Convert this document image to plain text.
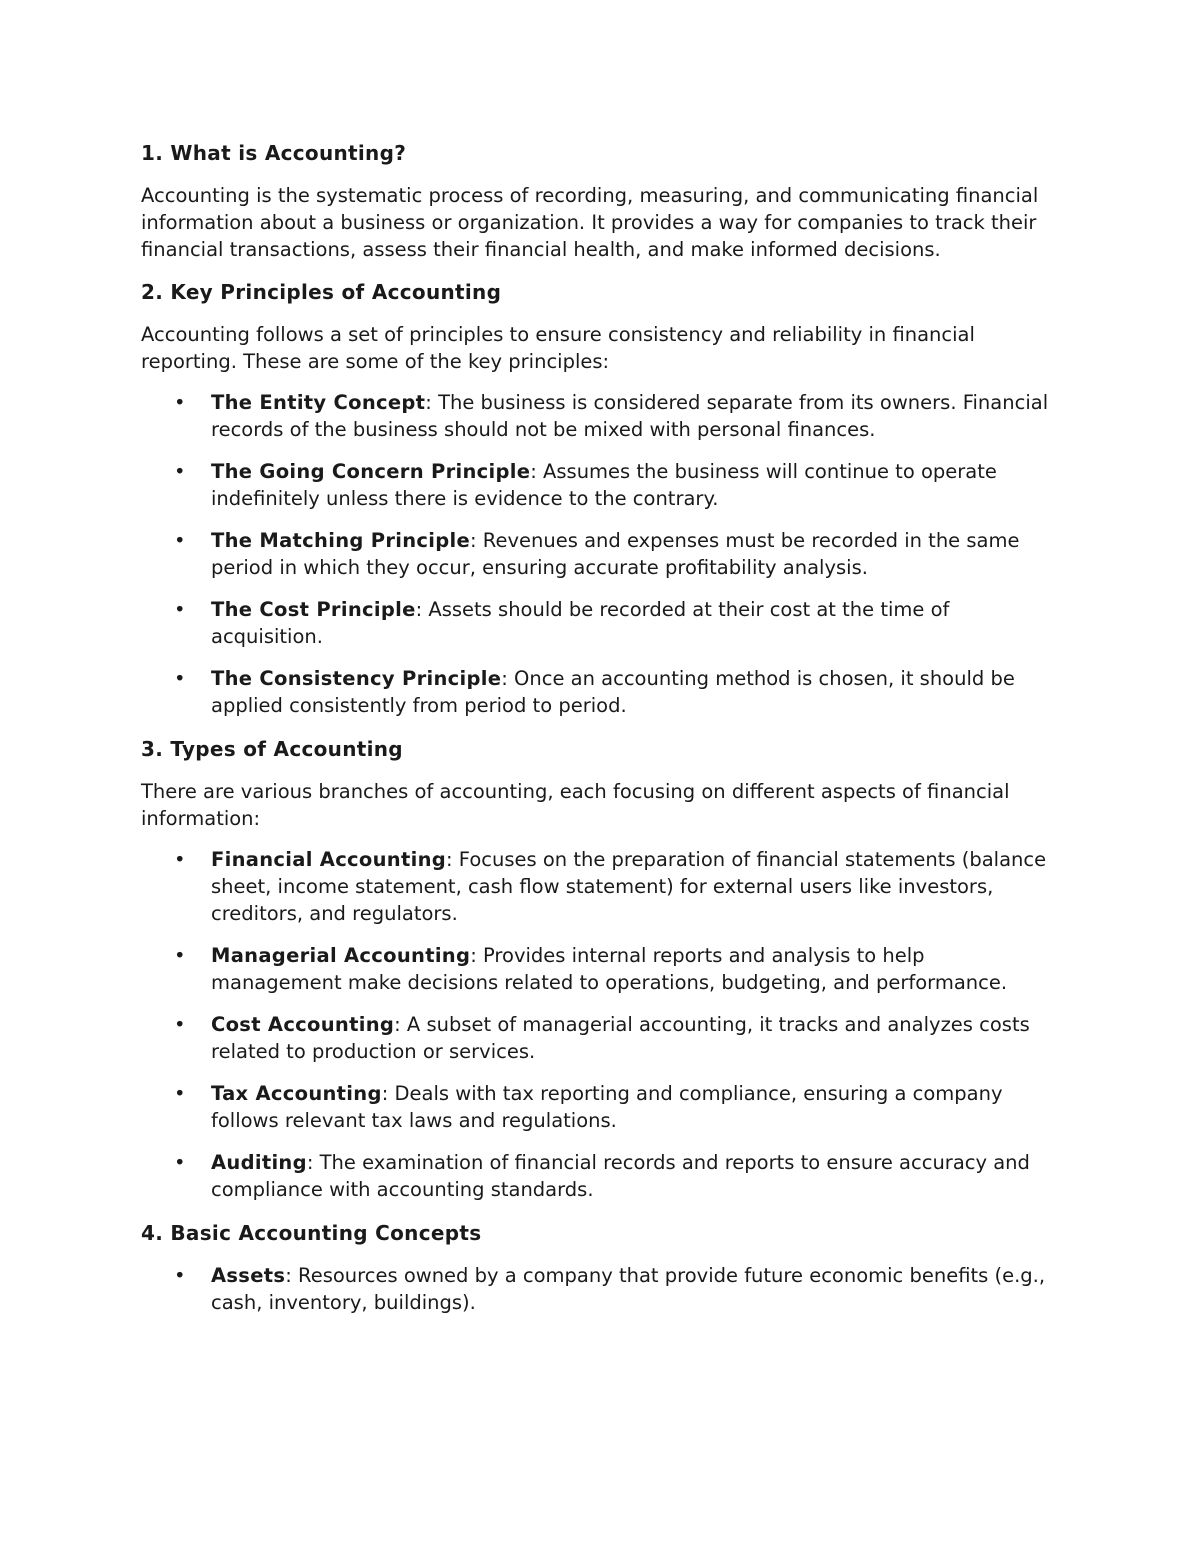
1. What is Accounting?

Accounting is the systematic process of recording, measuring, and communicating financial information about a business or organization. It provides a way for companies to track their financial transactions, assess their financial health, and make informed decisions.

2. Key Principles of Accounting

Accounting follows a set of principles to ensure consistency and reliability in financial reporting. These are some of the key principles:

• The Entity Concept: The business is considered separate from its owners. Financial records of the business should not be mixed with personal finances.
• The Going Concern Principle: Assumes the business will continue to operate indefinitely unless there is evidence to the contrary.
• The Matching Principle: Revenues and expenses must be recorded in the same period in which they occur, ensuring accurate profitability analysis.
• The Cost Principle: Assets should be recorded at their cost at the time of acquisition.
• The Consistency Principle: Once an accounting method is chosen, it should be applied consistently from period to period.

3. Types of Accounting

There are various branches of accounting, each focusing on different aspects of financial information:

• Financial Accounting: Focuses on the preparation of financial statements (balance sheet, income statement, cash flow statement) for external users like investors, creditors, and regulators.
• Managerial Accounting: Provides internal reports and analysis to help management make decisions related to operations, budgeting, and performance.
• Cost Accounting: A subset of managerial accounting, it tracks and analyzes costs related to production or services.
• Tax Accounting: Deals with tax reporting and compliance, ensuring a company follows relevant tax laws and regulations.
• Auditing: The examination of financial records and reports to ensure accuracy and compliance with accounting standards.

4. Basic Accounting Concepts

• Assets: Resources owned by a company that provide future economic benefits (e.g., cash, inventory, buildings).
